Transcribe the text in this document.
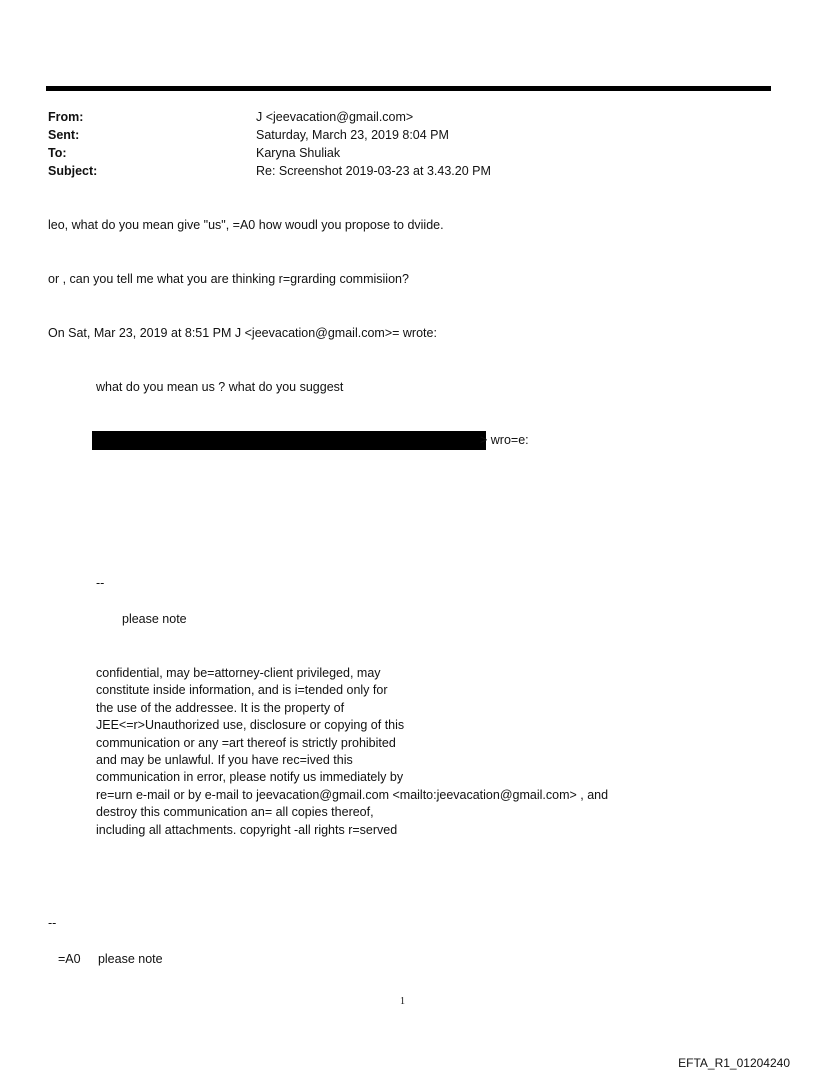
From:	J <jeevacation@gmail.com>
Sent:	Saturday, March 23, 2019 8:04 PM
To:	Karyna Shuliak
Subject:	Re: Screenshot 2019-03-23 at 3.43.20 PM
leo, what do you mean give "us", =A0 how woudl you propose to dviide.
or , can you tell me what you are thinking r=grarding commisiion?
On Sat, Mar 23, 2019 at 8:51 PM J <jeevacation@gmail.com>= wrote:
what do you mean us ? what do you suggest
> wro=e:
--
please note
confidential, may be=attorney-client privileged, may
constitute inside information, and is i=tended only for
the use of the addressee. It is the property of
JEE<=r>Unauthorized use, disclosure or copying of this
communication or any =art thereof is strictly prohibited
and may be unlawful. If you have rec=ived this
communication in error, please notify us immediately by
re=urn e-mail or by e-mail to jeevacation@gmail.com <mailto:jeevacation@gmail.com> , and
destroy this communication an= all copies thereof,
including all attachments. copyright -all rights r=served
--
=A0     please note
1
EFTA_R1_01204240
